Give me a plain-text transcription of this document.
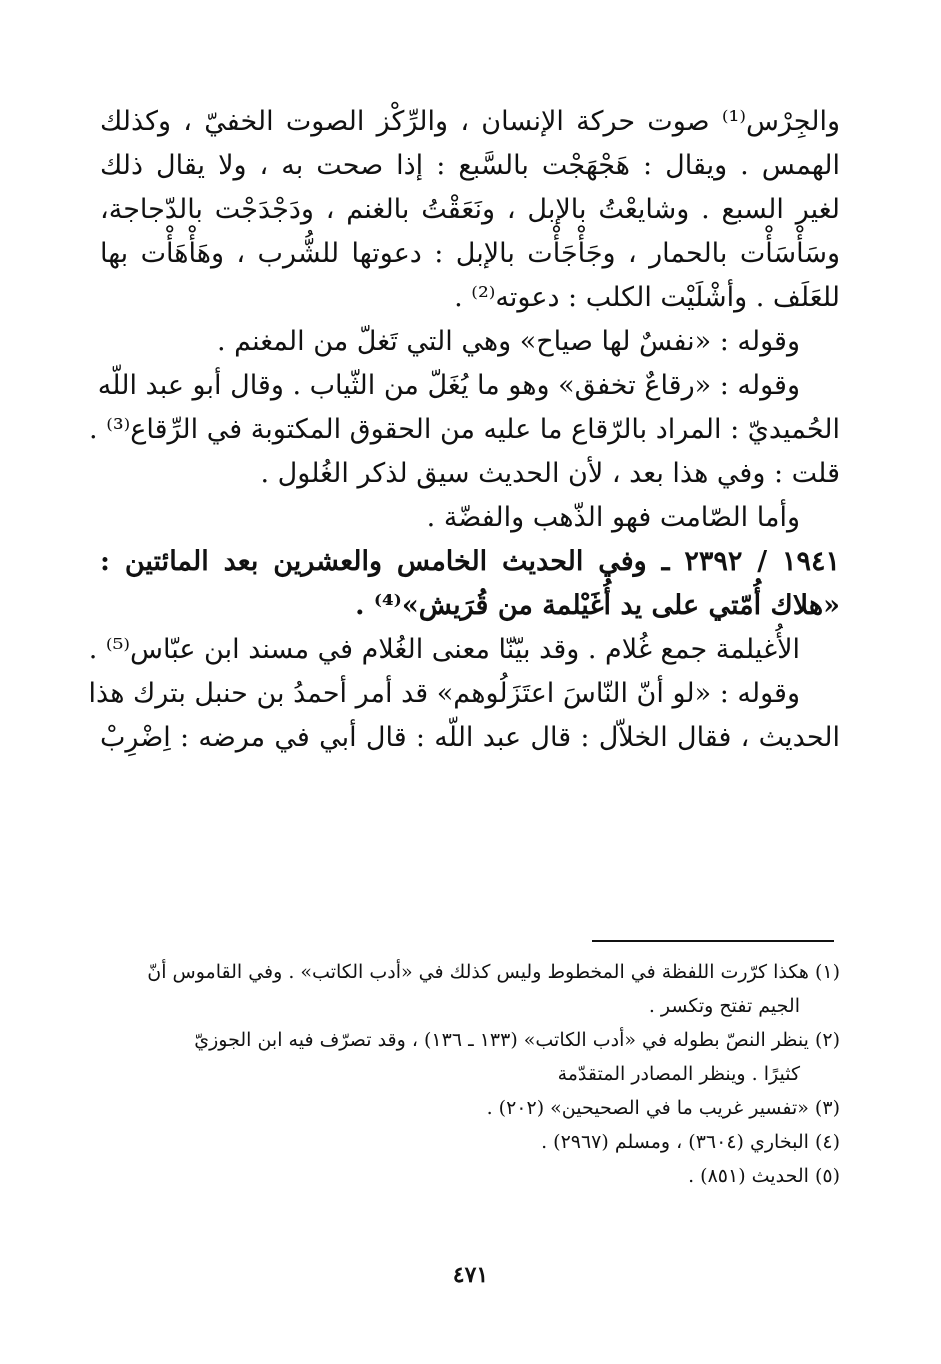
والجِرْس⁽¹⁾ صوت حركة الإنسان ، والرِّكْز الصوت الخفيّ ، وكذلك
الهمس . ويقال : هَجْهَجْت بالسَّبع : إذا صحت به ، ولا يقال ذلك
لغير السبع . وشايعْتُ بالإبل ، ونَعَقْتُ بالغنم ، ودَجْدَجْت بالدّجاجة،
وسَأْسَأْت بالحمار ، وجَأْجَأْت بالإبل : دعوتها للشُّرب ، وهَأْهَأْت بها
للعَلَف . وأشْلَيْت الكلب : دعوته⁽²⁾ .
وقوله : «نفسٌ لها صياح» وهي التي تَغلّ من المغنم .
وقوله : «رقاعٌ تخفق» وهو ما يُغَلّ من الثّياب . وقال أبو عبد اللّه
الحُميديّ : المراد بالرّقاع ما عليه من الحقوق المكتوبة في الرِّقاع⁽³⁾ .
قلت : وفي هذا بعد ، لأن الحديث سيق لذكر الغُلول .
وأما الصّامت فهو الذّهب والفضّة .
١٩٤١ / ٢٣٩٢ ـ وفي الحديث الخامس والعشرين بعد المائتين :
«هلاك أُمّتي على يد أُغَيْلمة من قُرَيش»⁽⁴⁾ .
الأُغيلمة جمع غُلام . وقد بيّنّا معنى الغُلام في مسند ابن عبّاس⁽⁵⁾ .
وقوله : «لو أنّ النّاسَ اعتَزَلُوهم» قد أمر أحمدُ بن حنبل بترك هذا
الحديث ، فقال الخلاّل : قال عبد اللّه : قال أبي في مرضه : اِضْرِبْ
(١) هكذا كرّرت اللفظة في المخطوط وليس كذلك في «أدب الكاتب» . وفي القاموس أنّ
الجيم تفتح وتكسر .
(٢) ينظر النصّ بطوله في «أدب الكاتب» (١٣٣ ـ ١٣٦) ، وقد تصرّف فيه ابن الجوزيّ
كثيرًا . وينظر المصادر المتقدّمة
(٣) «تفسير غريب ما في الصحيحين» (٢٠٢) .
(٤) البخاري (٣٦٠٤) ، ومسلم (٢٩٦٧) .
(٥) الحديث (٨٥١) .
٤٧١
